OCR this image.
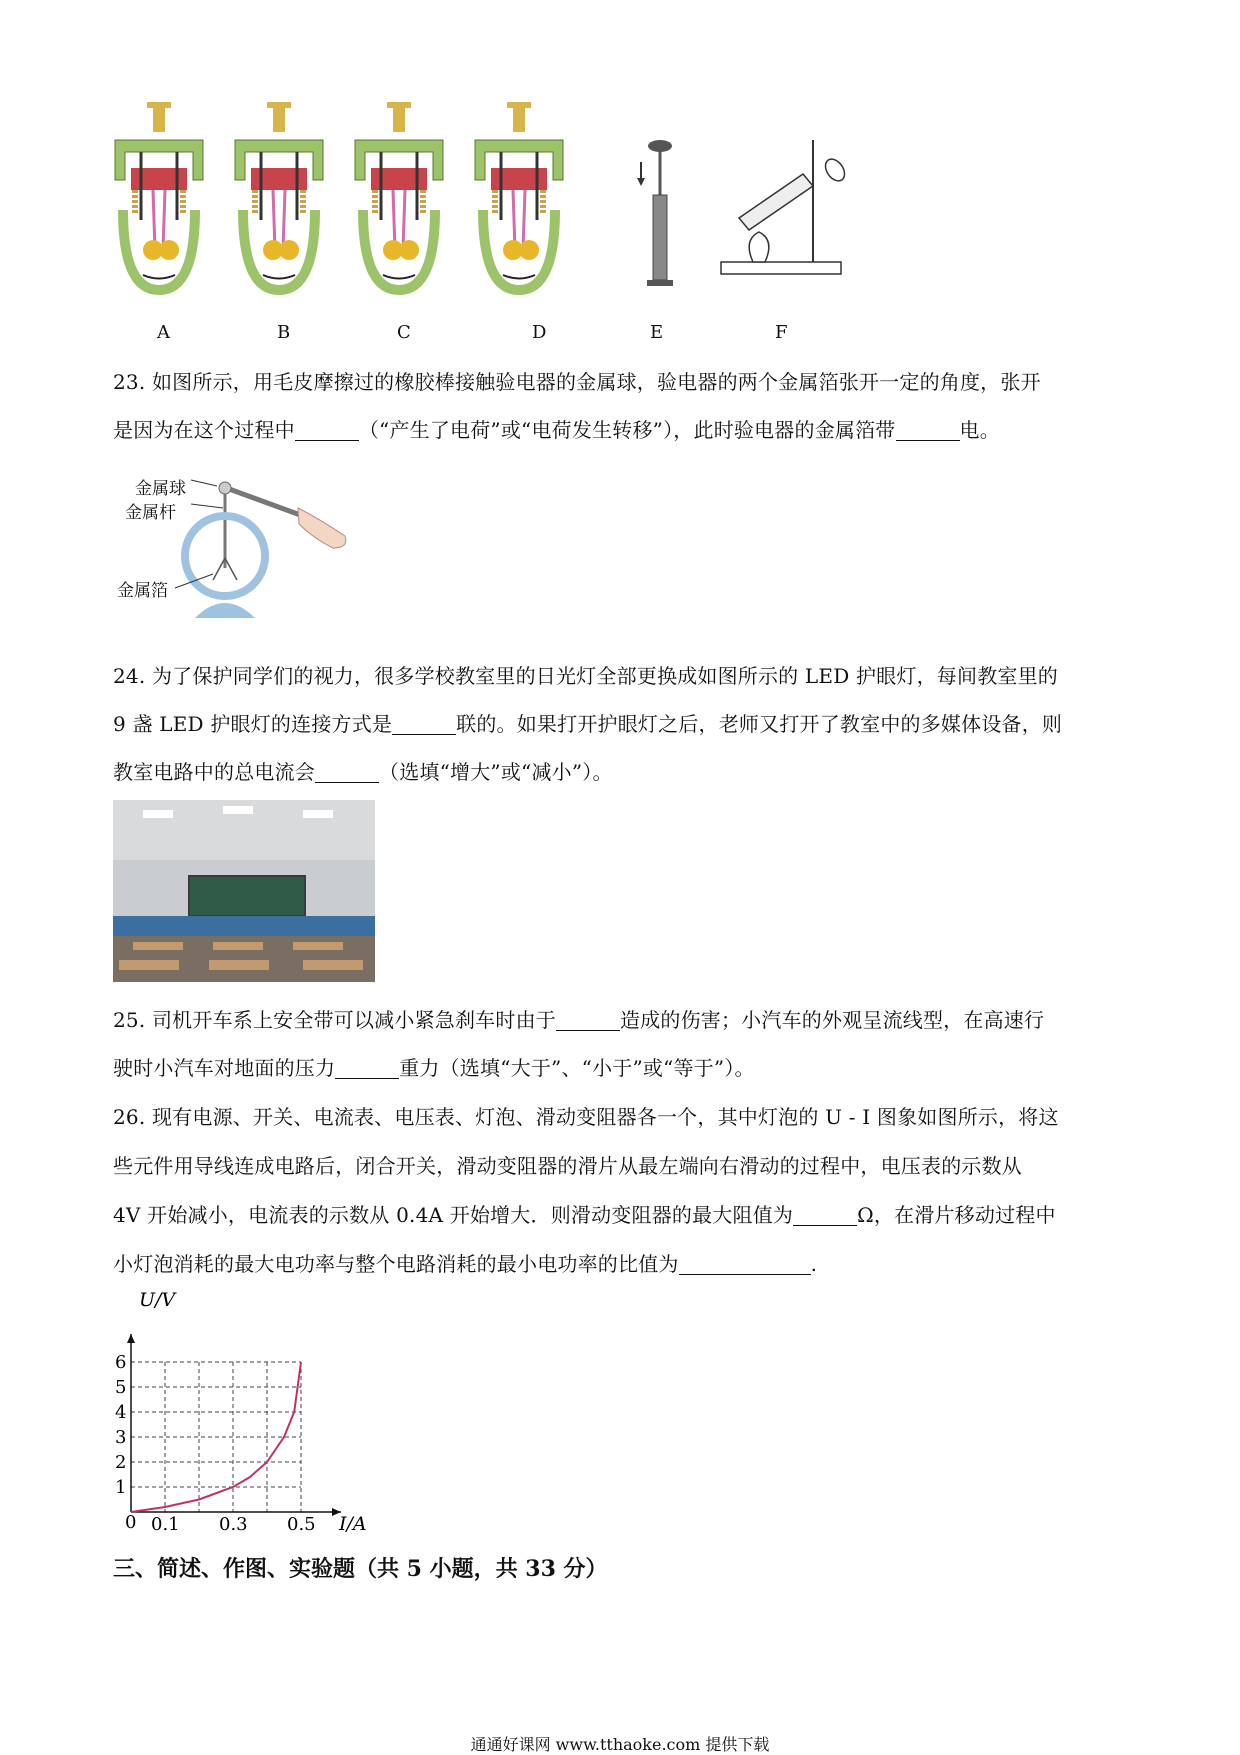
A	B	C	D	E	F
23. 如图所示，用毛皮摩擦过的橡胶棒接触验电器的金属球，验电器的两个金属箔张开一定的角度，张开
是因为在这个过程中	（“产生了电荷”或“电荷发生转移”），此时验电器的金属箔带	电。
金属球
金属杆
金属箔
24. 为了保护同学们的视力，很多学校教室里的日光灯全部更换成如图所示的 LED 护眼灯，每间教室里的
9 盏 LED 护眼灯的连接方式是	联的。如果打开护眼灯之后，老师又打开了教室中的多媒体设备，则
教室电路中的总电流会	（选填“增大”或“减小”）。
25. 司机开车系上安全带可以减小紧急刹车时由于	造成的伤害；小汽车的外观呈流线型，在高速行
驶时小汽车对地面的压力	重力（选填“大于”、“小于”或“等于”）。
26. 现有电源、开关、电流表、电压表、灯泡、滑动变阻器各一个，其中灯泡的 U - I 图象如图所示，将这
些元件用导线连成电路后，闭合开关，滑动变阻器的滑片从最左端向右滑动的过程中，电压表的示数从
4V 开始减小，电流表的示数从 0.4A 开始增大．则滑动变阻器的最大阻值为	Ω，在滑片移动过程中
小灯泡消耗的最大电功率与整个电路消耗的最小电功率的比值为	.
0.1 0.3 0.5
1
2
3
4
5
6
U/V
I/A
0
三、简述、作图、实验题（共 5 小题，共 33 分）
通通好课网 www.tthaoke.com 提供下载
